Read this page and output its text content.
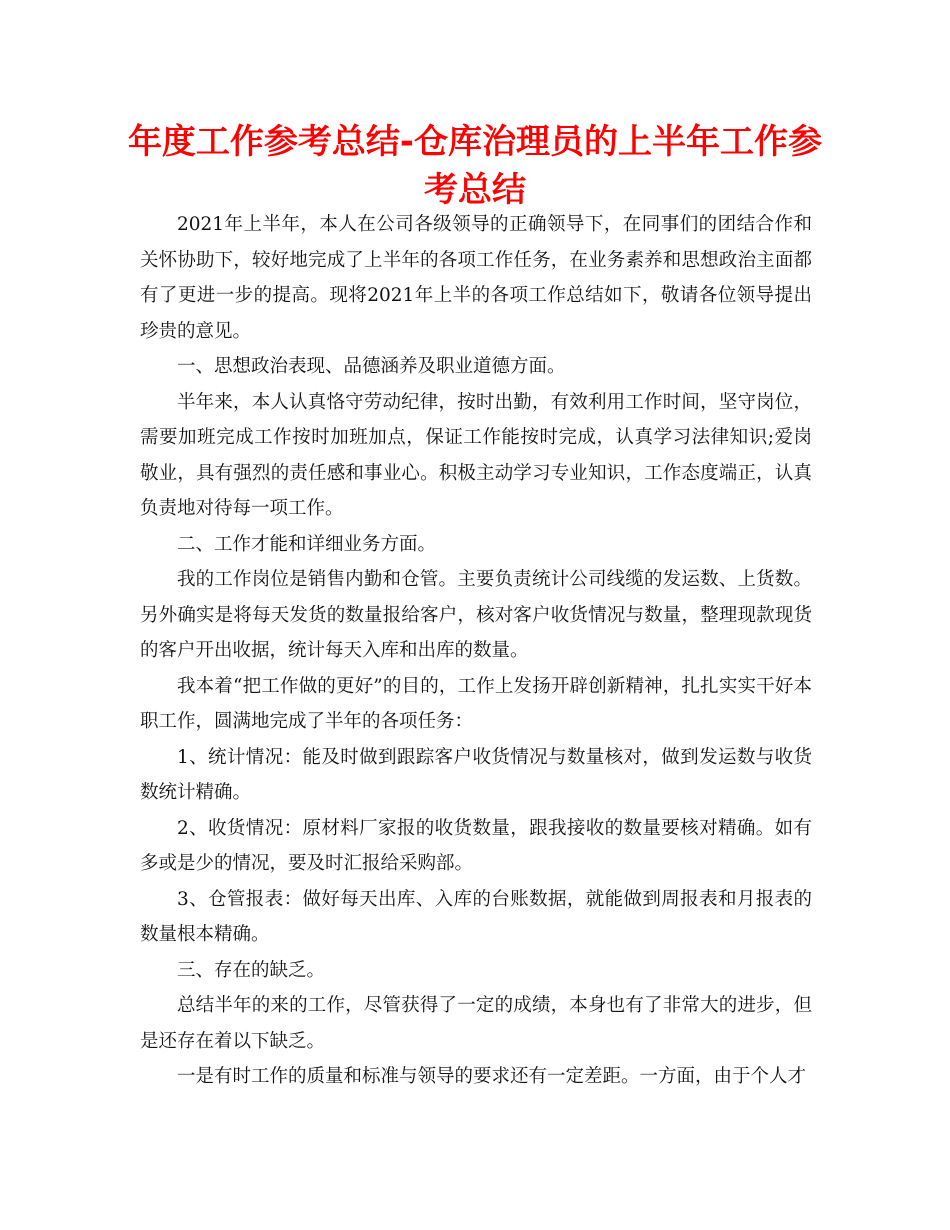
年度工作参考总结-仓库治理员的上半年工作参考总结

2021年上半年，本人在公司各级领导的正确领导下，在同事们的团结合作和关怀协助下，较好地完成了上半年的各项工作任务，在业务素养和思想政治主面都有了更进一步的提高。现将2021年上半的各项工作总结如下，敬请各位领导提出珍贵的意见。

一、思想政治表现、品德涵养及职业道德方面。

半年来，本人认真恪守劳动纪律，按时出勤，有效利用工作时间，坚守岗位，需要加班完成工作按时加班加点，保证工作能按时完成，认真学习法律知识;爱岗敬业，具有强烈的责任感和事业心。积极主动学习专业知识，工作态度端正，认真负责地对待每一项工作。

二、工作才能和详细业务方面。

我的工作岗位是销售内勤和仓管。主要负责统计公司线缆的发运数、上货数。另外确实是将每天发货的数量报给客户，核对客户收货情况与数量，整理现款现货的客户开出收据，统计每天入库和出库的数量。

我本着“把工作做的更好”的目的，工作上发扬开辟创新精神，扎扎实实干好本职工作，圆满地完成了半年的各项任务：

1、统计情况：能及时做到跟踪客户收货情况与数量核对，做到发运数与收货数统计精确。

2、收货情况：原材料厂家报的收货数量，跟我接收的数量要核对精确。如有多或是少的情况，要及时汇报给采购部。

3、仓管报表：做好每天出库、入库的台账数据，就能做到周报表和月报表的数量根本精确。

三、存在的缺乏。

总结半年的来的工作，尽管获得了一定的成绩，本身也有了非常大的进步，但是还存在着以下缺乏。

一是有时工作的质量和标准与领导的要求还有一定差距。一方面，由于个人才
